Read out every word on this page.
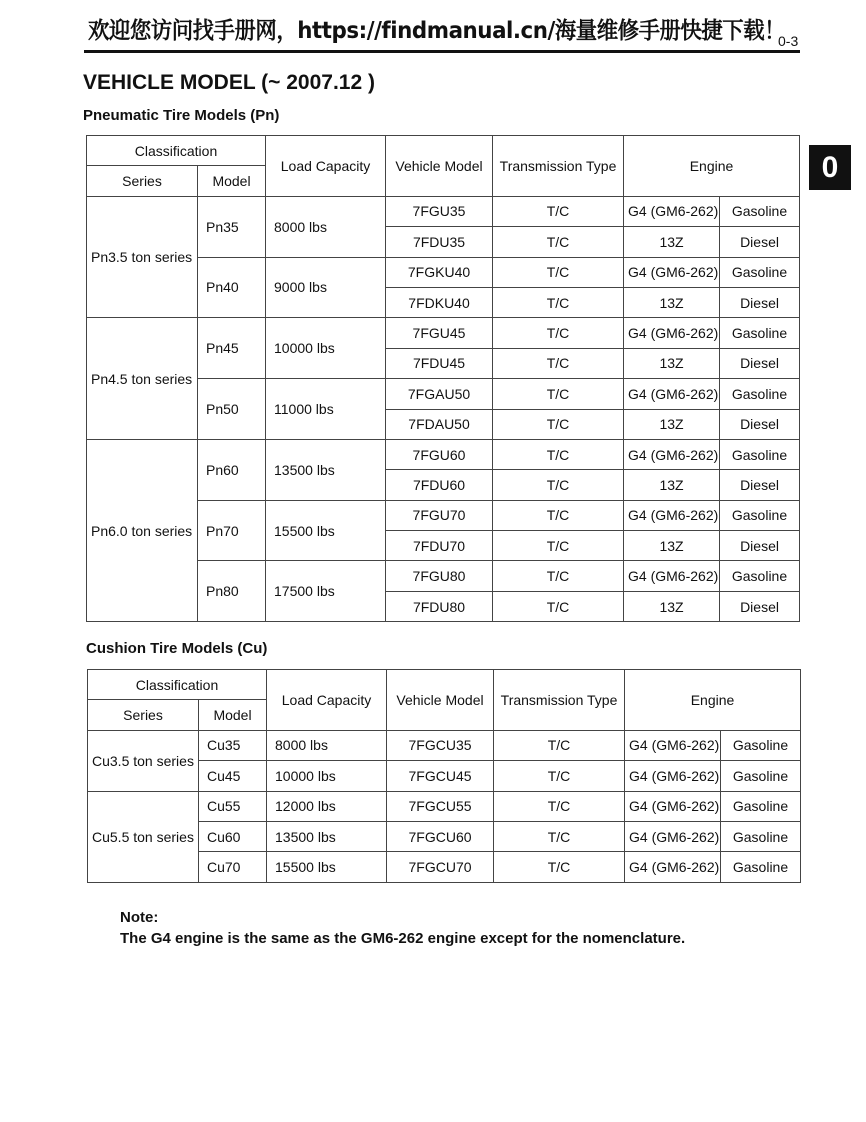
欢迎您访问找手册网，https://findmanual.cn/海量维修手册快捷下载！
0-3
0
VEHICLE MODEL (~ 2007.12 )
Pneumatic Tire Models (Pn)
Classification		Load Capacity	Vehicle Model	Transmission Type	Engine	
Series	Model					
Pn3.5 ton series	Pn35	8000 lbs	7FGU35	T/C	G4 (GM6-262)	Gasoline
			7FDU35	T/C	13Z	Diesel
	Pn40	9000 lbs	7FGKU40	T/C	G4 (GM6-262)	Gasoline
			7FDKU40	T/C	13Z	Diesel
Pn4.5 ton series	Pn45	10000 lbs	7FGU45	T/C	G4 (GM6-262)	Gasoline
			7FDU45	T/C	13Z	Diesel
	Pn50	11000 lbs	7FGAU50	T/C	G4 (GM6-262)	Gasoline
			7FDAU50	T/C	13Z	Diesel
Pn6.0 ton series	Pn60	13500 lbs	7FGU60	T/C	G4 (GM6-262)	Gasoline
			7FDU60	T/C	13Z	Diesel
	Pn70	15500 lbs	7FGU70	T/C	G4 (GM6-262)	Gasoline
			7FDU70	T/C	13Z	Diesel
	Pn80	17500 lbs	7FGU80	T/C	G4 (GM6-262)	Gasoline
			7FDU80	T/C	13Z	Diesel
Cushion Tire Models (Cu)
Classification		Load Capacity	Vehicle Model	Transmission Type	Engine	
Series	Model					
Cu3.5 ton series	Cu35	8000 lbs	7FGCU35	T/C	G4 (GM6-262)	Gasoline
	Cu45	10000 lbs	7FGCU45	T/C	G4 (GM6-262)	Gasoline
Cu5.5 ton series	Cu55	12000 lbs	7FGCU55	T/C	G4 (GM6-262)	Gasoline
	Cu60	13500 lbs	7FGCU60	T/C	G4 (GM6-262)	Gasoline
	Cu70	15500 lbs	7FGCU70	T/C	G4 (GM6-262)	Gasoline
Note:
The G4 engine is the same as the GM6-262 engine except for the nomenclature.
